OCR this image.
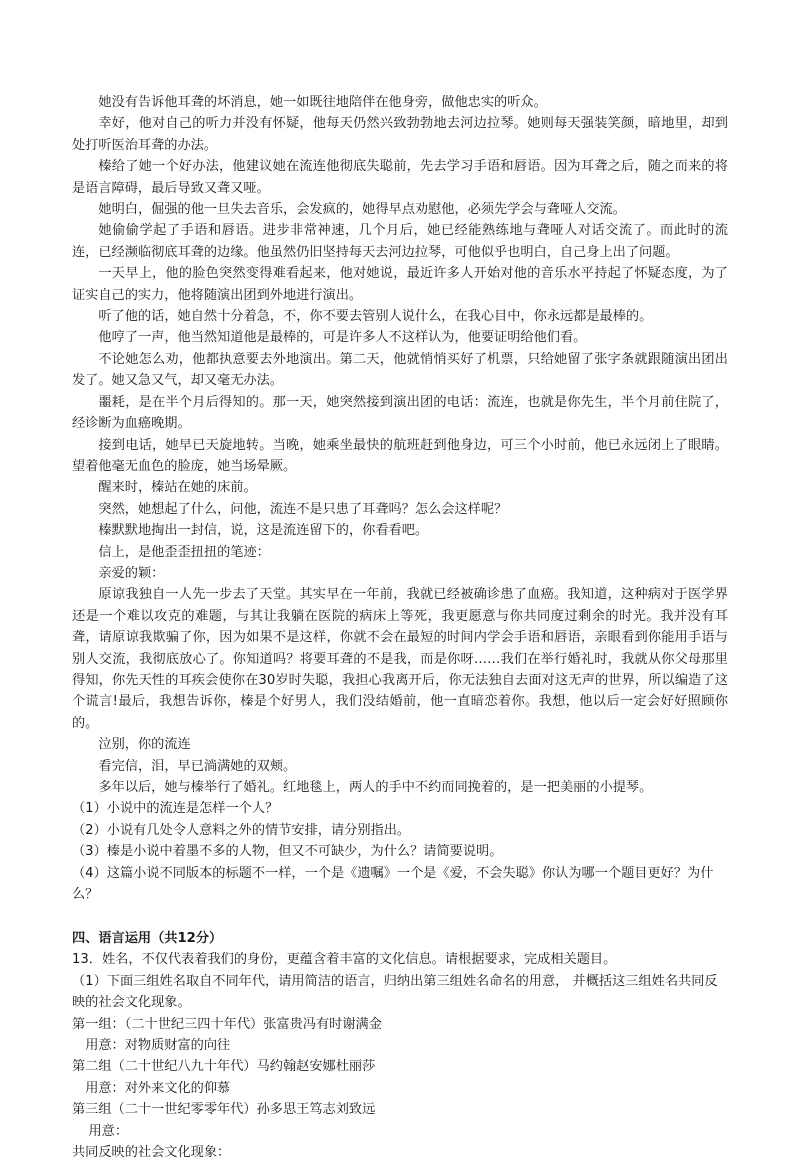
她没有告诉他耳聋的坏消息，她一如既往地陪伴在他身旁，做他忠实的听众。

幸好，他对自己的听力并没有怀疑，他每天仍然兴致勃勃地去河边拉琴。她则每天强装笑颜，暗地里，却到处打听医治耳聋的办法。

榛给了她一个好办法，他建议她在流连他彻底失聪前，先去学习手语和唇语。因为耳聋之后，随之而来的将是语言障碍，最后导致又聋又哑。

她明白，倔强的他一旦失去音乐，会发疯的，她得早点劝慰他，必须先学会与聋哑人交流。

她偷偷学起了手语和唇语。进步非常神速，几个月后，她已经能熟练地与聋哑人对话交流了。而此时的流连，已经濒临彻底耳聋的边缘。他虽然仍旧坚持每天去河边拉琴，可他似乎也明白，自己身上出了问题。

一天早上，他的脸色突然变得难看起来，他对她说，最近许多人开始对他的音乐水平持起了怀疑态度，为了证实自己的实力，他将随演出团到外地进行演出。

听了他的话，她自然十分着急，不，你不要去管别人说什么，在我心目中，你永远都是最棒的。

他哼了一声，他当然知道他是最棒的，可是许多人不这样认为，他要证明给他们看。

不论她怎么劝，他都执意要去外地演出。第二天，他就悄悄买好了机票，只给她留了张字条就跟随演出团出发了。她又急又气，却又毫无办法。

噩耗，是在半个月后得知的。那一天，她突然接到演出团的电话：流连，也就是你先生，半个月前住院了，经诊断为血癌晚期。

接到电话，她早已天旋地转。当晚，她乘坐最快的航班赶到他身边，可三个小时前，他已永远闭上了眼睛。望着他毫无血色的脸庞，她当场晕厥。

醒来时，榛站在她的床前。

突然，她想起了什么，问他，流连不是只患了耳聋吗？怎么会这样呢？

榛默默地掏出一封信，说，这是流连留下的，你看看吧。

信上，是他歪歪扭扭的笔迹：

亲爱的颖：

原谅我独自一人先一步去了天堂。其实早在一年前，我就已经被确诊患了血癌。我知道，这种病对于医学界还是一个难以攻克的难题，与其让我躺在医院的病床上等死，我更愿意与你共同度过剩余的时光。我并没有耳聋，请原谅我欺骗了你，因为如果不是这样，你就不会在最短的时间内学会手语和唇语，亲眼看到你能用手语与别人交流，我彻底放心了。你知道吗？将要耳聋的不是我，而是你呀……我们在举行婚礼时，我就从你父母那里得知，你先天性的耳疾会使你在30岁时失聪，我担心我离开后，你无法独自去面对这无声的世界，所以编造了这个谎言!最后，我想告诉你，榛是个好男人，我们没结婚前，他一直暗恋着你。我想，他以后一定会好好照顾你的。

泣别，你的流连

看完信，泪，早已淌满她的双颊。

多年以后，她与榛举行了婚礼。红地毯上，两人的手中不约而同挽着的，是一把美丽的小提琴。

（1）小说中的流连是怎样一个人？

（2）小说有几处令人意料之外的情节安排，请分别指出。

（3）榛是小说中着墨不多的人物，但又不可缺少，为什么？请简要说明。

（4）这篇小说不同版本的标题不一样，一个是《遗嘱》一个是《爱，不会失聪》你认为哪一个题目更好？为什么？

四、语言运用（共12分）

13．姓名，不仅代表着我们的身份，更蕴含着丰富的文化信息。请根据要求，完成相关题目。

（1）下面三组姓名取自不同年代，请用简洁的语言，归纳出第三组姓名命名的用意， 并概括这三组姓名共同反映的社会文化现象。

第一组：（二十世纪三四十年代）张富贵冯有时谢满金

用意：对物质财富的向往

第二组（二十世纪八九十年代）马约翰赵安娜杜丽莎

用意：对外来文化的仰慕

第三组（二十一世纪零零年代）孙多思王笃志刘致远

用意：

共同反映的社会文化现象：
